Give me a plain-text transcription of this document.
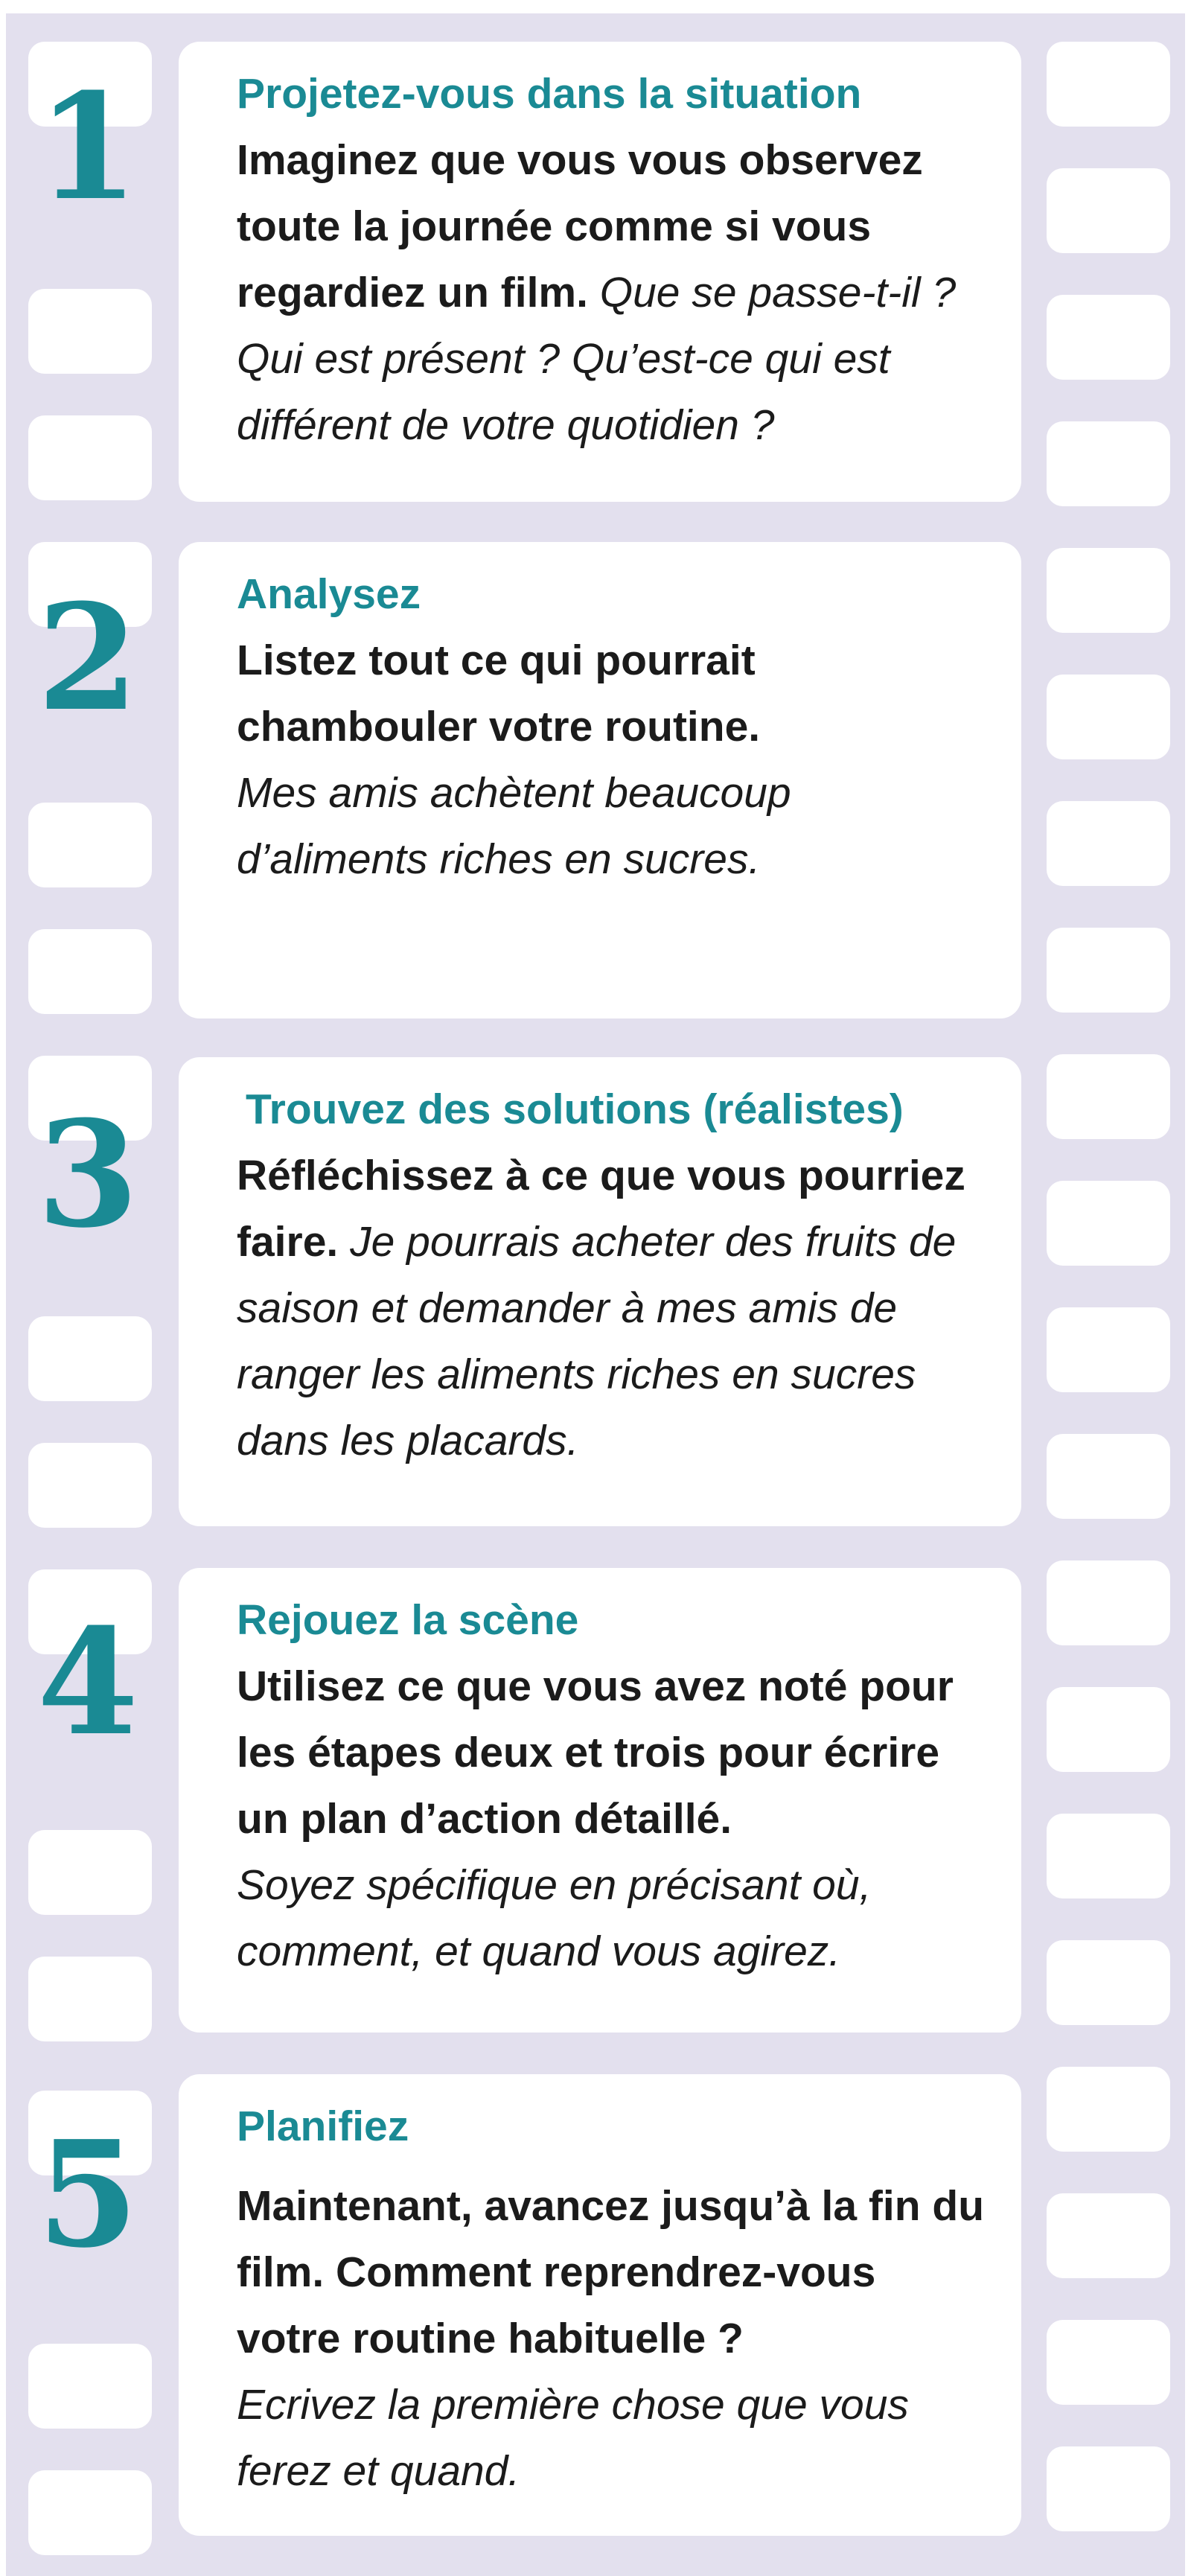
1	Projetez-vous dans la situation
Imaginez que vous vous observez toute la journée comme si vous regardiez un film. Que se passe-t-il ? Qui est présent ? Qu’est-ce qui est différent de votre quotidien ?
2	Analysez
Listez tout ce qui pourrait chambouler votre routine.
Mes amis achètent beaucoup d’aliments riches en sucres.
3	Trouvez des solutions (réalistes)
Réfléchissez à ce que vous pourriez faire. Je pourrais acheter des fruits de saison et demander à mes amis de ranger les aliments riches en sucres dans les placards.
4	Rejouez la scène
Utilisez ce que vous avez noté pour les étapes deux et trois pour écrire un plan d’action détaillé.
Soyez spécifique en précisant où, comment, et quand vous agirez.
5	Planifiez
Maintenant, avancez jusqu’à la fin du film. Comment reprendrez-vous votre routine habituelle ?
Ecrivez la première chose que vous ferez et quand.
